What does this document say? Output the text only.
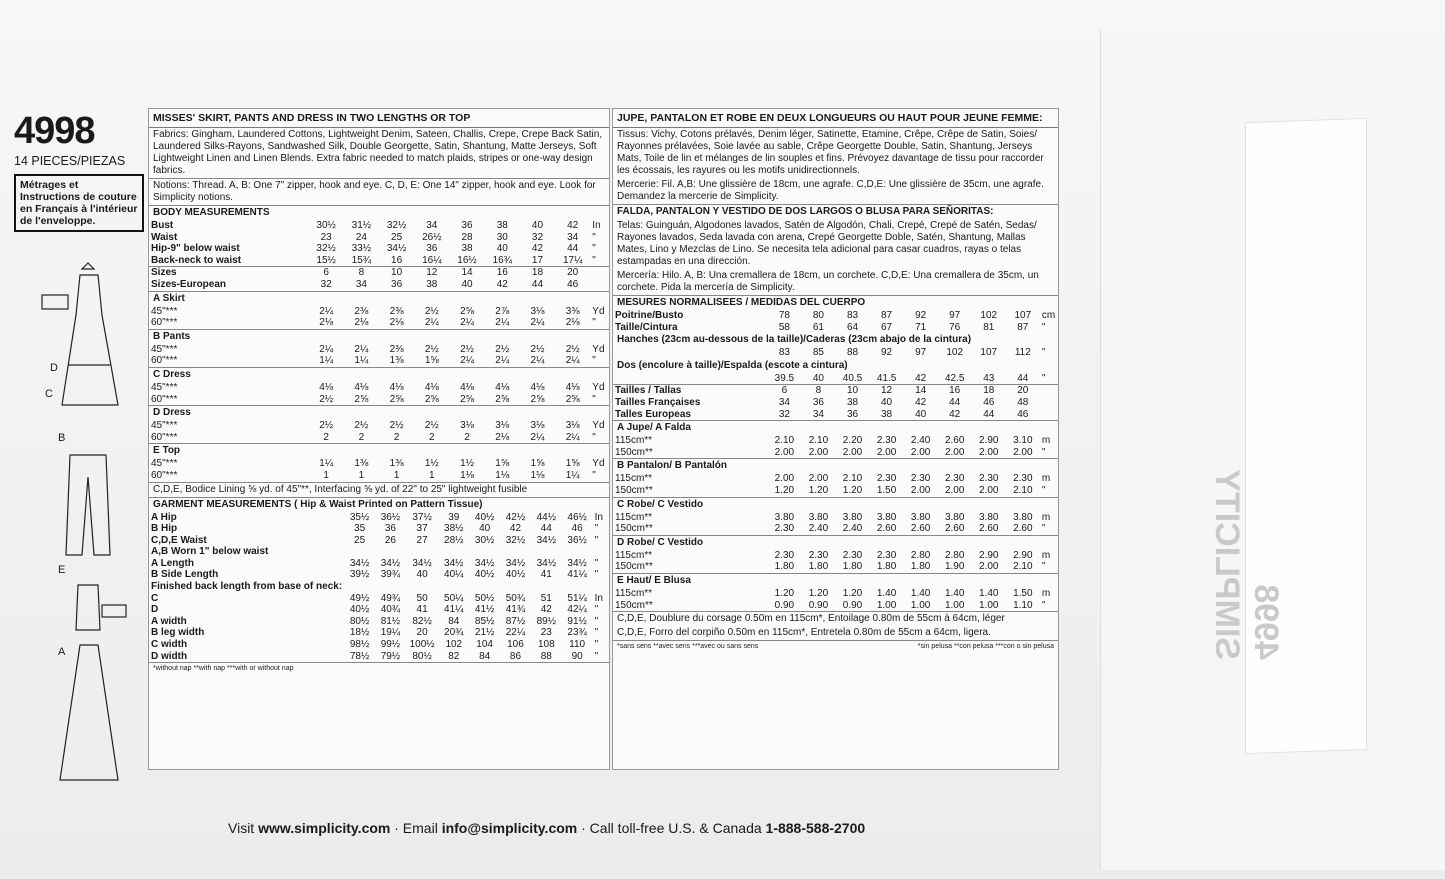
4998 SIMPLICITY
4998
14 PIECES/PIEZAS
Métrages et Instructions de couture en Français à l'intérieur de l'enveloppe.
D
C
B
E
A
MISSES' SKIRT, PANTS AND DRESS IN TWO LENGTHS OR TOP
Fabrics: Gingham, Laundered Cottons, Lightweight Denim, Sateen, Challis, Crepe, Crepe Back Satin, Laundered Silks-Rayons, Sandwashed Silk, Double Georgette, Satin, Shantung, Matte Jerseys, Soft Lightweight Linen and Linen Blends. Extra fabric needed to match plaids, stripes or one-way design fabrics.
Notions: Thread. A, B: One 7" zipper, hook and eye. C, D, E: One 14" zipper, hook and eye. Look for Simplicity notions.
BODY MEASUREMENTS
Bust	30½	31½	32½	34	36	38	40	42	In
Waist	23	24	25	26½	28	30	32	34	"
Hip-9" below waist	32½	33½	34½	36	38	40	42	44	"
Back-neck to waist	15½	15¾	16	16¼	16½	16¾	17	17¼	"
Sizes	6	8	10	12	14	16	18	20	
Sizes-European	32	34	36	38	40	42	44	46	
A Skirt
45"***	2¼	2⅜	2⅜	2½	2⅝	2⅞	3⅛	3⅜	Yd
60"***	2⅛	2⅛	2⅛	2¼	2¼	2¼	2¼	2⅛	"
B Pants
45"***	2¼	2¼	2⅜	2½	2½	2½	2½	2½	Yd
60"***	1¼	1¼	1⅜	1⅝	2¼	2¼	2¼	2¼	"
C Dress
45"***	4⅛	4⅛	4⅛	4⅛	4⅛	4⅛	4⅛	4⅛	Yd
60"***	2½	2⅝	2⅝	2⅝	2⅝	2⅝	2⅝	2⅝	"
D Dress
45"***	2½	2½	2½	2½	3⅛	3⅛	3⅛	3⅛	Yd
60"***	2	2	2	2	2	2⅛	2¼	2¼	"
E Top
45"***	1¼	1⅜	1⅜	1½	1½	1⅝	1⅝	1⅝	Yd
60"***	1	1	1	1	1⅛	1⅛	1⅛	1¼	"
C,D,E, Bodice Lining ⅝ yd. of 45"**, Interfacing ⅝ yd. of 22" to 25" lightweight fusible
GARMENT MEASUREMENTS ( Hip & Waist Printed on Pattern Tissue)
A Hip	35½	36½	37½	39	40½	42½	44½	46½	In
B Hip	35	36	37	38½	40	42	44	46	"
C,D,E Waist	25	26	27	28½	30½	32½	34½	36½	"
A,B Worn 1" below waist									
A Length	34½	34½	34½	34½	34½	34½	34½	34½	"
B Side Length	39½	39¾	40	40¼	40½	40½	41	41¼	"
Finished back length from base of neck:									
C	49½	49¾	50	50¼	50½	50¾	51	51¼	In
D	40½	40¾	41	41¼	41½	41¾	42	42¼	"
A width	80½	81½	82½	84	85½	87½	89½	91½	"
B leg width	18½	19¼	20	20¾	21½	22¼	23	23¾	"
C width	98½	99½	100½	102	104	106	108	110	"
D width	78½	79½	80½	82	84	86	88	90	"
*without nap **with nap ***with or without nap
JUPE, PANTALON ET ROBE EN DEUX LONGUEURS OU HAUT POUR JEUNE FEMME:
Tissus: Vichy, Cotons prélavés, Denim léger, Satinette, Etamine, Crêpe, Crêpe de Satin, Soies/ Rayonnes prélavées, Soie lavée au sable, Crêpe Georgette Double, Satin, Shantung, Jerseys Mats, Toile de lin et mélanges de lin souples et fins. Prévoyez davantage de tissu pour raccorder les écossais, les rayures ou les motifs unidirectionnels.
Mercerie: Fil. A,B: Une glissière de 18cm, une agrafe. C,D,E: Une glissière de 35cm, une agrafe. Demandez la mercerie de Simplicity.
FALDA, PANTALON Y VESTIDO DE DOS LARGOS O BLUSA PARA SEÑORITAS:
Telas: Guinguán, Algodones lavados, Satén de Algodón, Chali, Crepé, Crepé de Satén, Sedas/ Rayones lavados, Seda lavada con arena, Crepé Georgette Doble, Satén, Shantung, Mallas Mates, Lino y Mezclas de Lino. Se necesita tela adicional para casar cuadros, rayas o telas estampadas en una dirección.
Mercería: Hilo. A, B: Una cremallera de 18cm, un corchete. C,D,E: Una cremallera de 35cm, un corchete. Pida la mercería de Simplicity.
MESURES NORMALISEES / MEDIDAS DEL CUERPO
Poitrine/Busto	78	80	83	87	92	97	102	107	cm
Taille/Cintura	58	61	64	67	71	76	81	87	"
Hanches (23cm au-dessous de la taille)/Caderas (23cm abajo de la cintura)
	83	85	88	92	97	102	107	112	"
Dos (encolure à taille)/Espalda (escote a cintura)
	39.5	40	40.5	41.5	42	42.5	43	44	"
Tailles / Tallas	6	8	10	12	14	16	18	20	
Tailles Françaises	34	36	38	40	42	44	46	48	
Talles Europeas	32	34	36	38	40	42	44	46	
A Jupe/ A Falda
115cm**	2.10	2.10	2.20	2.30	2.40	2.60	2.90	3.10	m
150cm**	2.00	2.00	2.00	2.00	2.00	2.00	2.00	2.00	"
B Pantalon/ B Pantalón
115cm**	2.00	2.00	2.10	2.30	2.30	2.30	2.30	2.30	m
150cm**	1.20	1.20	1.20	1.50	2.00	2.00	2.00	2.10	"
C Robe/ C Vestido
115cm**	3.80	3.80	3.80	3.80	3.80	3.80	3.80	3.80	m
150cm**	2.30	2.40	2.40	2.60	2.60	2.60	2.60	2.60	"
D Robe/ C Vestido
115cm**	2.30	2.30	2.30	2.30	2.80	2.80	2.90	2.90	m
150cm**	1.80	1.80	1.80	1.80	1.80	1.90	2.00	2.10	"
E Haut/ E Blusa
115cm**	1.20	1.20	1.20	1.40	1.40	1.40	1.40	1.50	m
150cm**	0.90	0.90	0.90	1.00	1.00	1.00	1.00	1.10	"
C,D,E, Doublure du corsage 0.50m en 115cm*, Entoilage 0.80m de 55cm à 64cm, léger
C,D,E, Forro del corpiño 0.50m en 115cm*, Entretela 0.80m de 55cm a 64cm, ligera.
*sans sens **avec sens ***avec ou sans sens	*sin pelusa **con pelusa ***con o sin pelusa
Visit www.simplicity.com · Email info@simplicity.com · Call toll-free U.S. & Canada 1-888-588-2700
